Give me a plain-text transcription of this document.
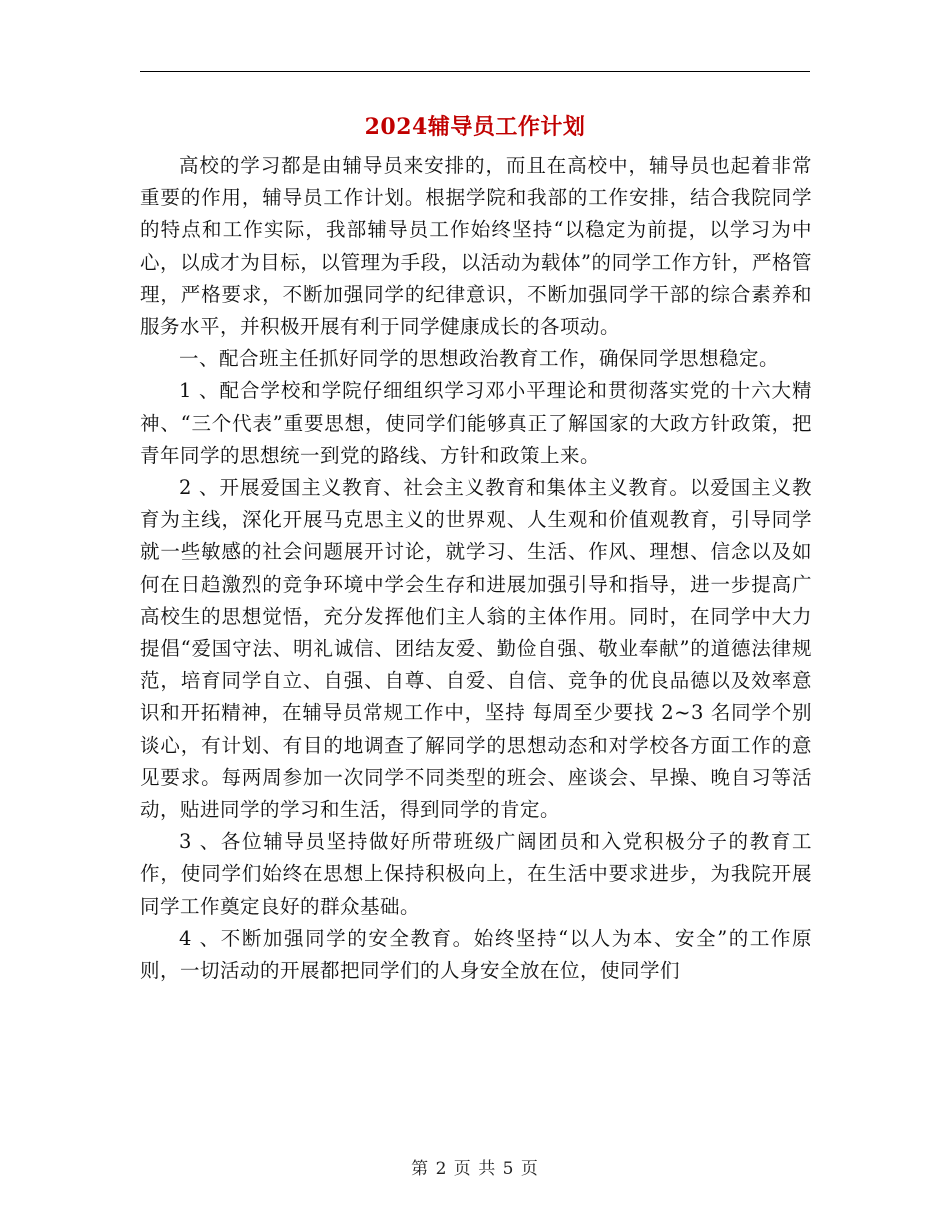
2024辅导员工作计划

高校的学习都是由辅导员来安排的，而且在高校中，辅导员也起着非常重要的作用，辅导员工作计划。根据学院和我部的工作安排，结合我院同学的特点和工作实际，我部辅导员工作始终坚持“以稳定为前提，以学习为中心，以成才为目标，以管理为手段，以活动为载体”的同学工作方针，严格管理，严格要求，不断加强同学的纪律意识，不断加强同学干部的综合素养和服务水平，并积极开展有利于同学健康成长的各项动。

一、配合班主任抓好同学的思想政治教育工作，确保同学思想稳定。

1 、配合学校和学院仔细组织学习邓小平理论和贯彻落实党的十六大精神、“三个代表”重要思想，使同学们能够真正了解国家的大政方针政策，把青年同学的思想统一到党的路线、方针和政策上来。

2 、开展爱国主义教育、社会主义教育和集体主义教育。以爱国主义教育为主线，深化开展马克思主义的世界观、人生观和价值观教育，引导同学就一些敏感的社会问题展开讨论，就学习、生活、作风、理想、信念以及如何在日趋激烈的竞争环境中学会生存和进展加强引导和指导，进一步提高广高校生的思想觉悟，充分发挥他们主人翁的主体作用。同时，在同学中大力提倡“爱国守法、明礼诚信、团结友爱、勤俭自强、敬业奉献”的道德法律规范，培育同学自立、自强、自尊、自爱、自信、竞争的优良品德以及效率意识和开拓精神，在辅导员常规工作中，坚持 每周至少要找 2~3 名同学个别谈心，有计划、有目的地调查了解同学的思想动态和对学校各方面工作的意见要求。每两周参加一次同学不同类型的班会、座谈会、早操、晚自习等活动，贴进同学的学习和生活，得到同学的肯定。

3 、各位辅导员坚持做好所带班级广阔团员和入党积极分子的教育工作，使同学们始终在思想上保持积极向上，在生活中要求进步，为我院开展同学工作奠定良好的群众基础。

4 、不断加强同学的安全教育。始终坚持“以人为本、安全”的工作原则，一切活动的开展都把同学们的人身安全放在位，使同学们

第 2 页 共 5 页
